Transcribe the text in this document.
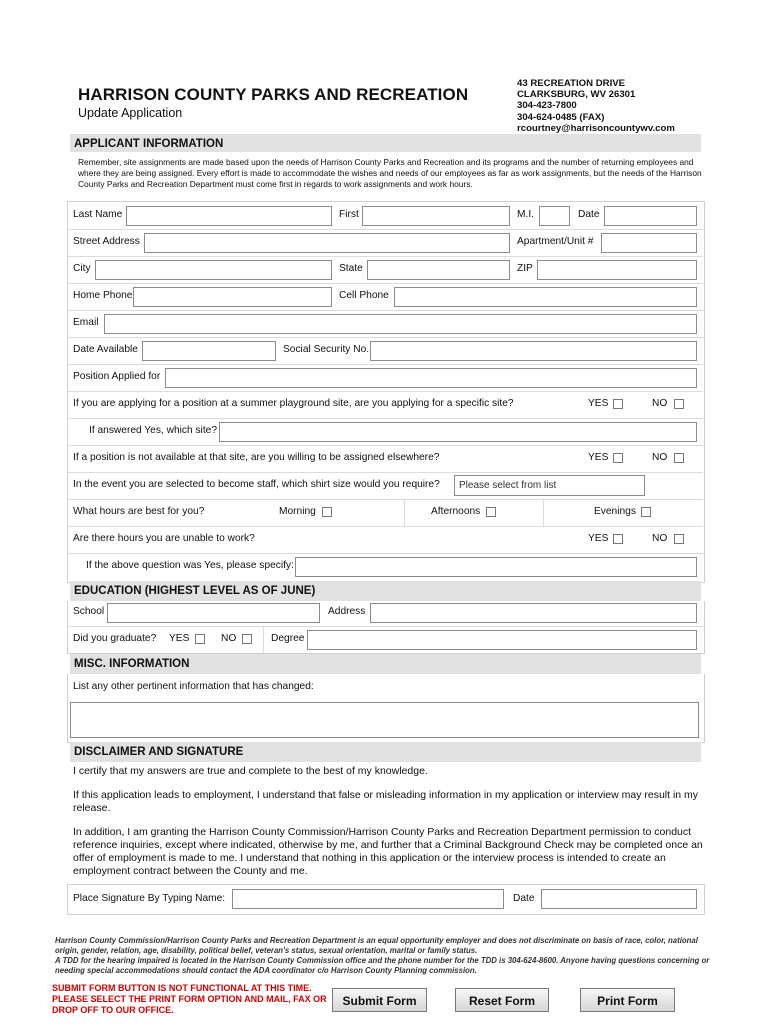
HARRISON COUNTY PARKS AND RECREATION
Update Application
43 RECREATION DRIVE
CLARKSBURG, WV 26301
304-423-7800
304-624-0485 (FAX)
rcourtney@harrisoncountywv.com
APPLICANT INFORMATION
Remember, site assignments are made based upon the needs of Harrison County Parks and Recreation and its programs and the number of returning employees and where they are being assigned. Every effort is made to accommodate the wishes and needs of our employees as far as work assignments, but the needs of the Harrison County Parks and Recreation Department must come first in regards to work assignments and work hours.
Last Name	First	M.I.	Date
Street Address	Apartment/Unit #
City	State	ZIP
Home Phone	Cell Phone
Email
Date Available	Social Security No.
Position Applied for
If you are applying for a position at a summer playground site, are you applying for a specific site?	YES	NO
If answered Yes, which site?
If a position is not available at that site, are you willing to be assigned elsewhere?	YES	NO
In the event you are selected to become staff, which shirt size would you require?	Please select from list
What hours are best for you?	Morning	Afternoons	Evenings
Are there hours you are unable to work?	YES	NO
If the above question was Yes, please specify:
EDUCATION (HIGHEST LEVEL AS OF JUNE)
School	Address
Did you graduate? YES	NO	Degree
MISC. INFORMATION
List any other pertinent information that has changed:
DISCLAIMER AND SIGNATURE
I certify that my answers are true and complete to the best of my knowledge.
If this application leads to employment, I understand that false or misleading information in my application or interview may result in my release.
In addition, I am granting the Harrison County Commission/Harrison County Parks and Recreation Department permission to conduct reference inquiries, except where indicated, otherwise by me, and further that a Criminal Background Check may be completed once an offer of employment is made to me. I understand that nothing in this application or the interview process is intended to create an employment contract between the County and me.
Place Signature By Typing Name:	Date
Harrison County Commission/Harrison County Parks and Recreation Department is an equal opportunity employer and does not discriminate on basis of race, color, national origin, gender, relation, age, disability, political belief, veteran's status, sexual orientation, marital or family status.
A TDD for the hearing impaired is located in the Harrison County Commission office and the phone number for the TDD is 304-624-8600. Anyone having questions concerning or needing special accommodations should contact the ADA coordinator c/o Harrison County Planning commission.
SUBMIT FORM BUTTON IS NOT FUNCTIONAL AT THIS TIME. PLEASE SELECT THE PRINT FORM OPTION AND MAIL, FAX OR DROP OFF TO OUR OFFICE.
Submit Form	Reset Form	Print Form
